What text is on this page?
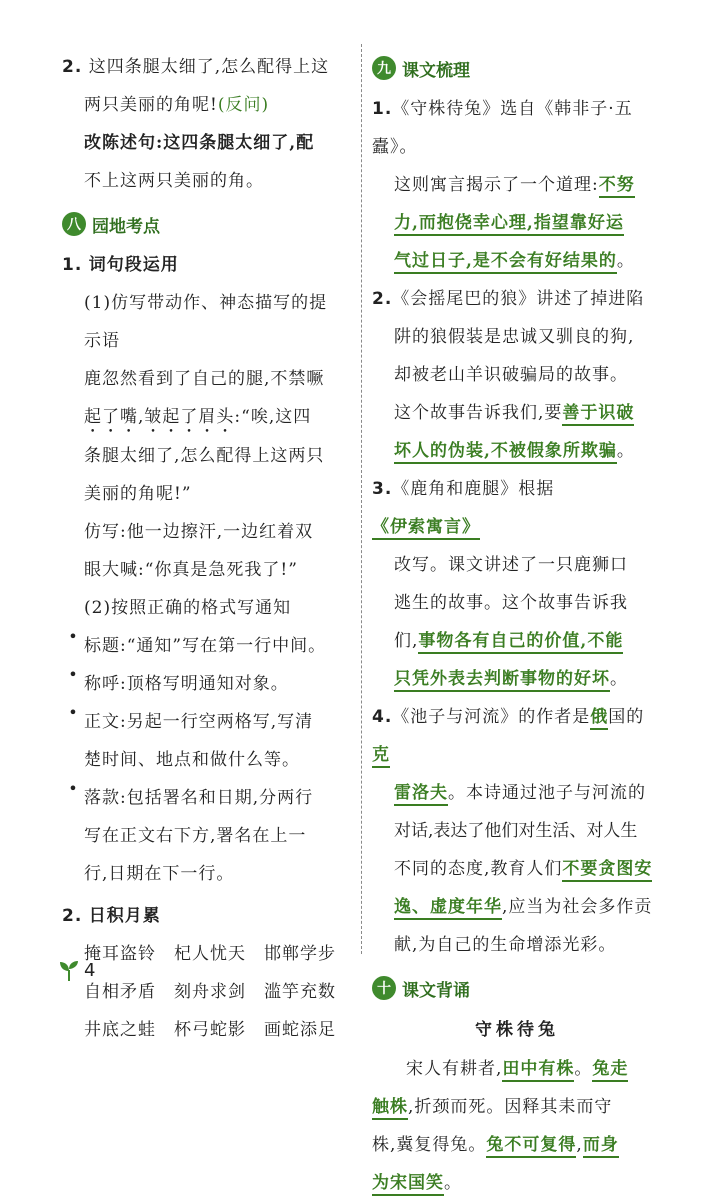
2. 这四条腿太细了,怎么配得上这

两只美丽的角呢!(反问)

改陈述句:这四条腿太细了,配

不上这两只美丽的角。

八 园地考点

1. 词句段运用

(1)仿写带动作、神态描写的提

示语

鹿忽然看到了自己的腿,不禁噘

起了嘴,皱起了眉头:“唉,这四

条腿太细了,怎么配得上这两只

美丽的角呢!”

仿写:他一边擦汗,一边红着双

眼大喊:“你真是急死我了!”

(2)按照正确的格式写通知

• 标题:“通知”写在第一行中间。

• 称呼:顶格写明通知对象。

• 正文:另起一行空两格写,写清

楚时间、地点和做什么等。

• 落款:包括署名和日期,分两行

写在正文右下方,署名在上一

行,日期在下一行。

2. 日积月累

掩耳盗铃	杞人忧天	邯郸学步
自相矛盾	刻舟求剑	滥竽充数
井底之蛙	杯弓蛇影	画蛇添足
九 课文梳理

1.《守株待兔》选自《韩非子·五蠹》。

这则寓言揭示了一个道理:不努

力,而抱侥幸心理,指望靠好运

气过日子,是不会有好结果的。

2.《会摇尾巴的狼》讲述了掉进陷

阱的狼假装是忠诚又驯良的狗,

却被老山羊识破骗局的故事。

这个故事告诉我们,要善于识破

坏人的伪装,不被假象所欺骗。

3.《鹿角和鹿腿》根据《伊索寓言》

改写。课文讲述了一只鹿狮口

逃生的故事。这个故事告诉我

们,事物各有自己的价值,不能

只凭外表去判断事物的好坏。

4.《池子与河流》的作者是俄国的克

雷洛夫。本诗通过池子与河流的

对话,表达了他们对生活、对人生

不同的态度,教育人们不要贪图安

逸、虚度年华,应当为社会多作贡

献,为自己的生命增添光彩。

十 课文背诵
守株待兔

宋人有耕者,田中有株。兔走

触株,折颈而死。因释其耒而守

株,冀复得兔。兔不可复得,而身

为宋国笑。

4
